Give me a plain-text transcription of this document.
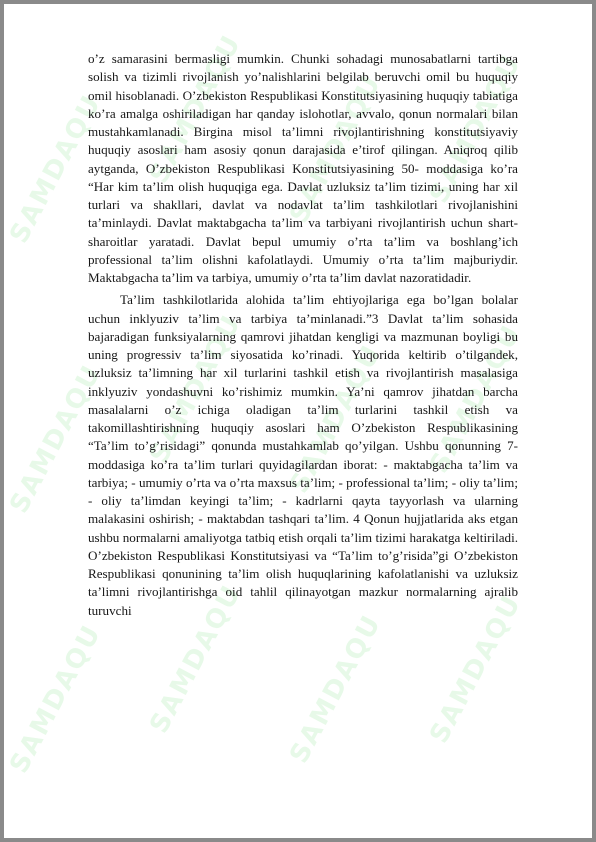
SAMDAQU SAMDAQU SAMDAQU SAMDAQU
SAMDAQU SAMDAQU SAMDAQU SAMDAQU
SAMDAQU SAMDAQU SAMDAQU SAMDAQU

o’z samarasini bermasligi mumkin. Chunki sohadagi munosabatlarni tartibga solish va tizimli rivojlanish yo’nalishlarini belgilab beruvchi omil bu huquqiy omil hisoblanadi. O’zbekiston Respublikasi Konstitutsiyasining huquqiy tabiatiga ko’ra amalga oshiriladigan har qanday islohotlar, avvalo, qonun normalari bilan mustahkamlanadi. Birgina misol ta’limni rivojlantirishning konstitutsiyaviy huquqiy asoslari ham asosiy qonun darajasida e’tirof qilingan. Aniqroq qilib aytganda, O’zbekiston Respublikasi Konstitutsiyasining 50- moddasiga ko’ra “Har kim ta’lim olish huquqiga ega. Davlat uzluksiz ta’lim tizimi, uning har xil turlari va shakllari, davlat va nodavlat ta’lim tashkilotlari rivojlanishini ta’minlaydi. Davlat maktabgacha ta’lim va tarbiyani rivojlantirish uchun shart-sharoitlar yaratadi. Davlat bepul umumiy o’rta ta’lim va boshlang’ich professional ta’lim olishni kafolatlaydi. Umumiy o’rta ta’lim majburiydir. Maktabgacha ta’lim va tarbiya, umumiy o’rta ta’lim davlat nazoratidadir.

Ta’lim tashkilotlarida alohida ta’lim ehtiyojlariga ega bo’lgan bolalar uchun inklyuziv ta’lim va tarbiya ta’minlanadi.”3 Davlat ta’lim sohasida bajaradigan funksiyalarning qamrovi jihatdan kengligi va mazmunan boyligi bu uning progressiv ta’lim siyosatida ko’rinadi. Yuqorida keltirib o’tilgandek, uzluksiz ta’limning har xil turlarini tashkil etish va rivojlantirish masalasiga inklyuziv yondashuvni ko’rishimiz mumkin. Ya’ni qamrov jihatdan barcha masalalarni o’z ichiga oladigan ta’lim turlarini tashkil etish va takomillashtirishning huquqiy asoslari ham O’zbekiston Respublikasining “Ta’lim to’g’risidagi” qonunda mustahkamlab qo’yilgan. Ushbu qonunning 7-moddasiga ko’ra ta’lim turlari quyidagilardan iborat: - maktabgacha ta’lim va tarbiya; - umumiy o’rta va o’rta maxsus ta’lim; - professional ta’lim; - oliy ta’lim; - oliy ta’limdan keyingi ta’lim; - kadrlarni qayta tayyorlash va ularning malakasini oshirish; - maktabdan tashqari ta’lim. 4 Qonun hujjatlarida aks etgan ushbu normalarni amaliyotga tatbiq etish orqali ta’lim tizimi harakatga keltiriladi. O’zbekiston Respublikasi Konstitutsiyasi va “Ta’lim to’g’risida”gi O’zbekiston Respublikasi qonunining ta’lim olish huquqlarining kafolatlanishi va uzluksiz ta’limni rivojlantirishga oid tahlil qilinayotgan mazkur normalarning ajralib turuvchi
